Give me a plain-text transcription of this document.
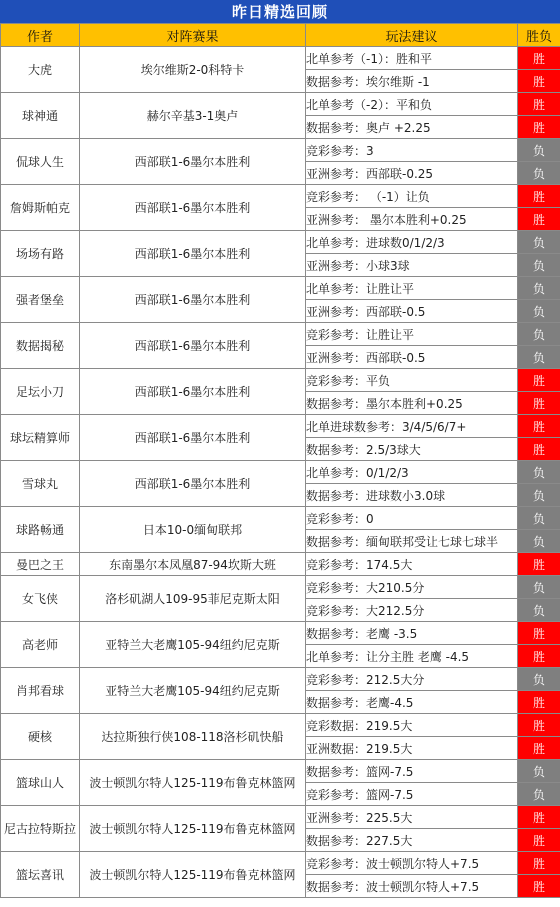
昨日精选回顾
作者	对阵赛果	玩法建议	胜负
大虎	埃尔维斯2-0科特卡	北单参考（-1）：胜和平	胜
		数据参考：埃尔维斯 -1	胜
球神通	赫尔辛基3-1奥卢	北单参考（-2）：平和负	胜
		数据参考：奥卢 +2.25	胜
侃球人生	西部联1-6墨尔本胜利	竞彩参考：3	负
		亚洲参考：西部联-0.25	负
詹姆斯帕克	西部联1-6墨尔本胜利	竞彩参考： （-1）让负	胜
		亚洲参考： 墨尔本胜利+0.25	胜
场场有路	西部联1-6墨尔本胜利	北单参考：进球数0/1/2/3	负
		亚洲参考：小球3球	负
强者堡垒	西部联1-6墨尔本胜利	北单参考：让胜让平	负
		亚洲参考：西部联-0.5	负
数据揭秘	西部联1-6墨尔本胜利	竞彩参考：让胜让平	负
		亚洲参考：西部联-0.5	负
足坛小刀	西部联1-6墨尔本胜利	竞彩参考：平负	胜
		数据参考：墨尔本胜利+0.25	胜
球坛精算师	西部联1-6墨尔本胜利	北单进球数参考：3/4/5/6/7+	胜
		数据参考：2.5/3球大	胜
雪球丸	西部联1-6墨尔本胜利	北单参考：0/1/2/3	负
		数据参考：进球数小3.0球	负
球路畅通	日本10-0缅甸联邦	竞彩参考：0	负
		数据参考：缅甸联邦受让七球七球半	负
曼巴之王	东南墨尔本凤凰87-94坎斯大班	竞彩参考：174.5大	胜
女飞侠	洛杉矶湖人109-95菲尼克斯太阳	竞彩参考：大210.5分	负
		竞彩参考：大212.5分	负
高老师	亚特兰大老鹰105-94纽约尼克斯	数据参考：老鹰 -3.5	胜
		北单参考：让分主胜 老鹰 -4.5	胜
肖邦看球	亚特兰大老鹰105-94纽约尼克斯	竞彩参考：212.5大分	负
		数据参考：老鹰-4.5	胜
硬核	达拉斯独行侠108-118洛杉矶快船	竞彩数据：219.5大	胜
		亚洲数据：219.5大	胜
篮球山人	波士顿凯尔特人125-119布鲁克林篮网	数据参考：篮网-7.5	负
		竞彩参考：篮网-7.5	负
尼古拉特斯拉	波士顿凯尔特人125-119布鲁克林篮网	亚洲参考：225.5大	胜
		数据参考：227.5大	胜
篮坛喜讯	波士顿凯尔特人125-119布鲁克林篮网	竞彩参考：波士顿凯尔特人+7.5	胜
		数据参考：波士顿凯尔特人+7.5	胜
